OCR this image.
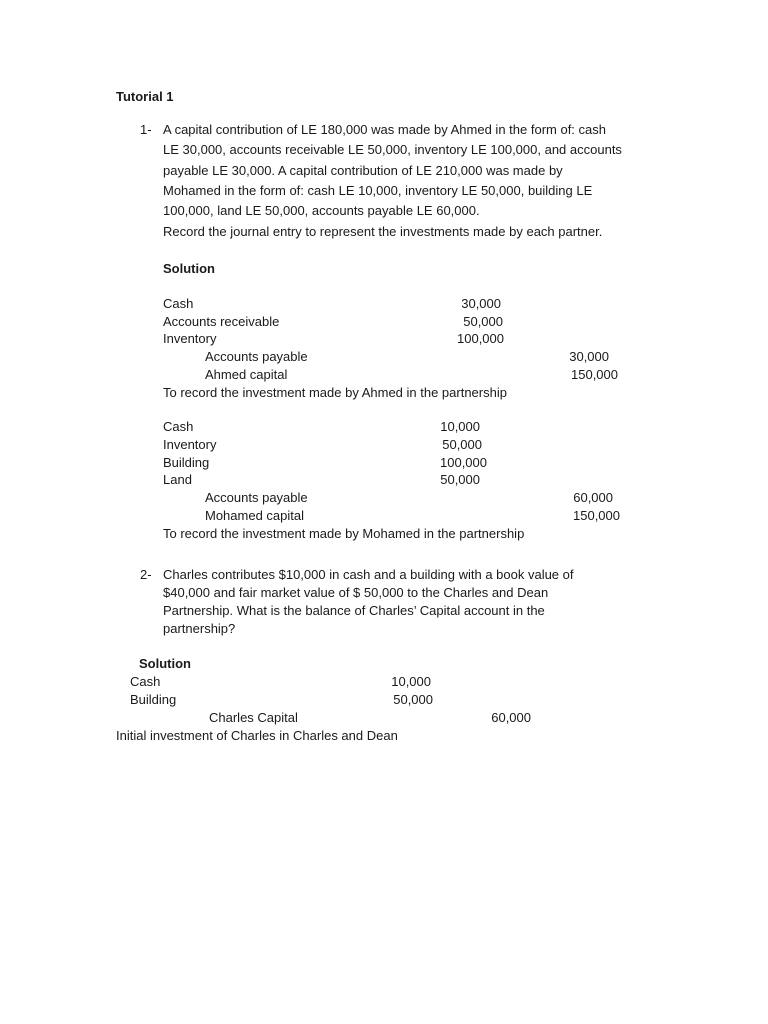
Tutorial 1
1- A capital contribution of LE 180,000 was made by Ahmed in the form of: cash
LE 30,000, accounts receivable LE 50,000, inventory LE 100,000, and accounts
payable LE 30,000. A capital contribution of LE 210,000 was made by
Mohamed in the form of: cash LE 10,000, inventory LE 50,000, building LE
100,000, land LE 50,000, accounts payable LE 60,000.
Record the journal entry to represent the investments made by each partner.
Solution
Cash	30,000
Accounts receivable	50,000
Inventory	100,000
Accounts payable	30,000
Ahmed capital	150,000
To record the investment made by Ahmed in the partnership
Cash	10,000
Inventory	50,000
Building	100,000
Land	50,000
Accounts payable	60,000
Mohamed capital	150,000
To record the investment made by Mohamed in the partnership
2- Charles contributes $10,000 in cash and a building with a book value of
$40,000 and fair market value of $ 50,000 to the Charles and Dean
Partnership. What is the balance of Charles’ Capital account in the
partnership?
Solution
Cash	10,000
Building	50,000
Charles Capital	60,000
Initial investment of Charles in Charles and Dean
